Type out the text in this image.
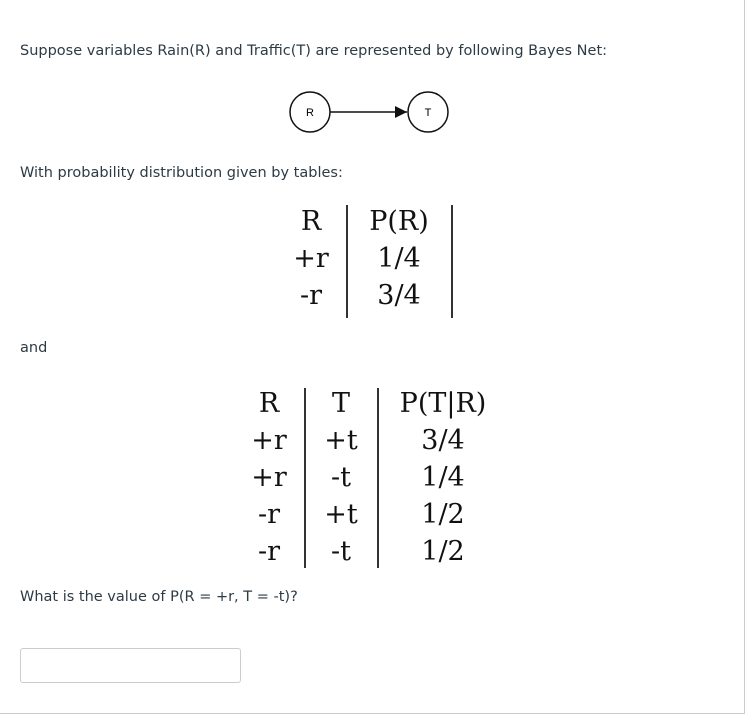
Suppose variables Rain(R) and Traffic(T) are represented by following Bayes Net:
R	T
With probability distribution given by tables:
R
+r
-r
P(R)
1/4
3/4
and
R
+r
+r
-r
-r
T
+t
-t
+t
-t
P(T|R)
3/4
1/4
1/2
1/2
What is the value of P(R = +r, T = -t)?
